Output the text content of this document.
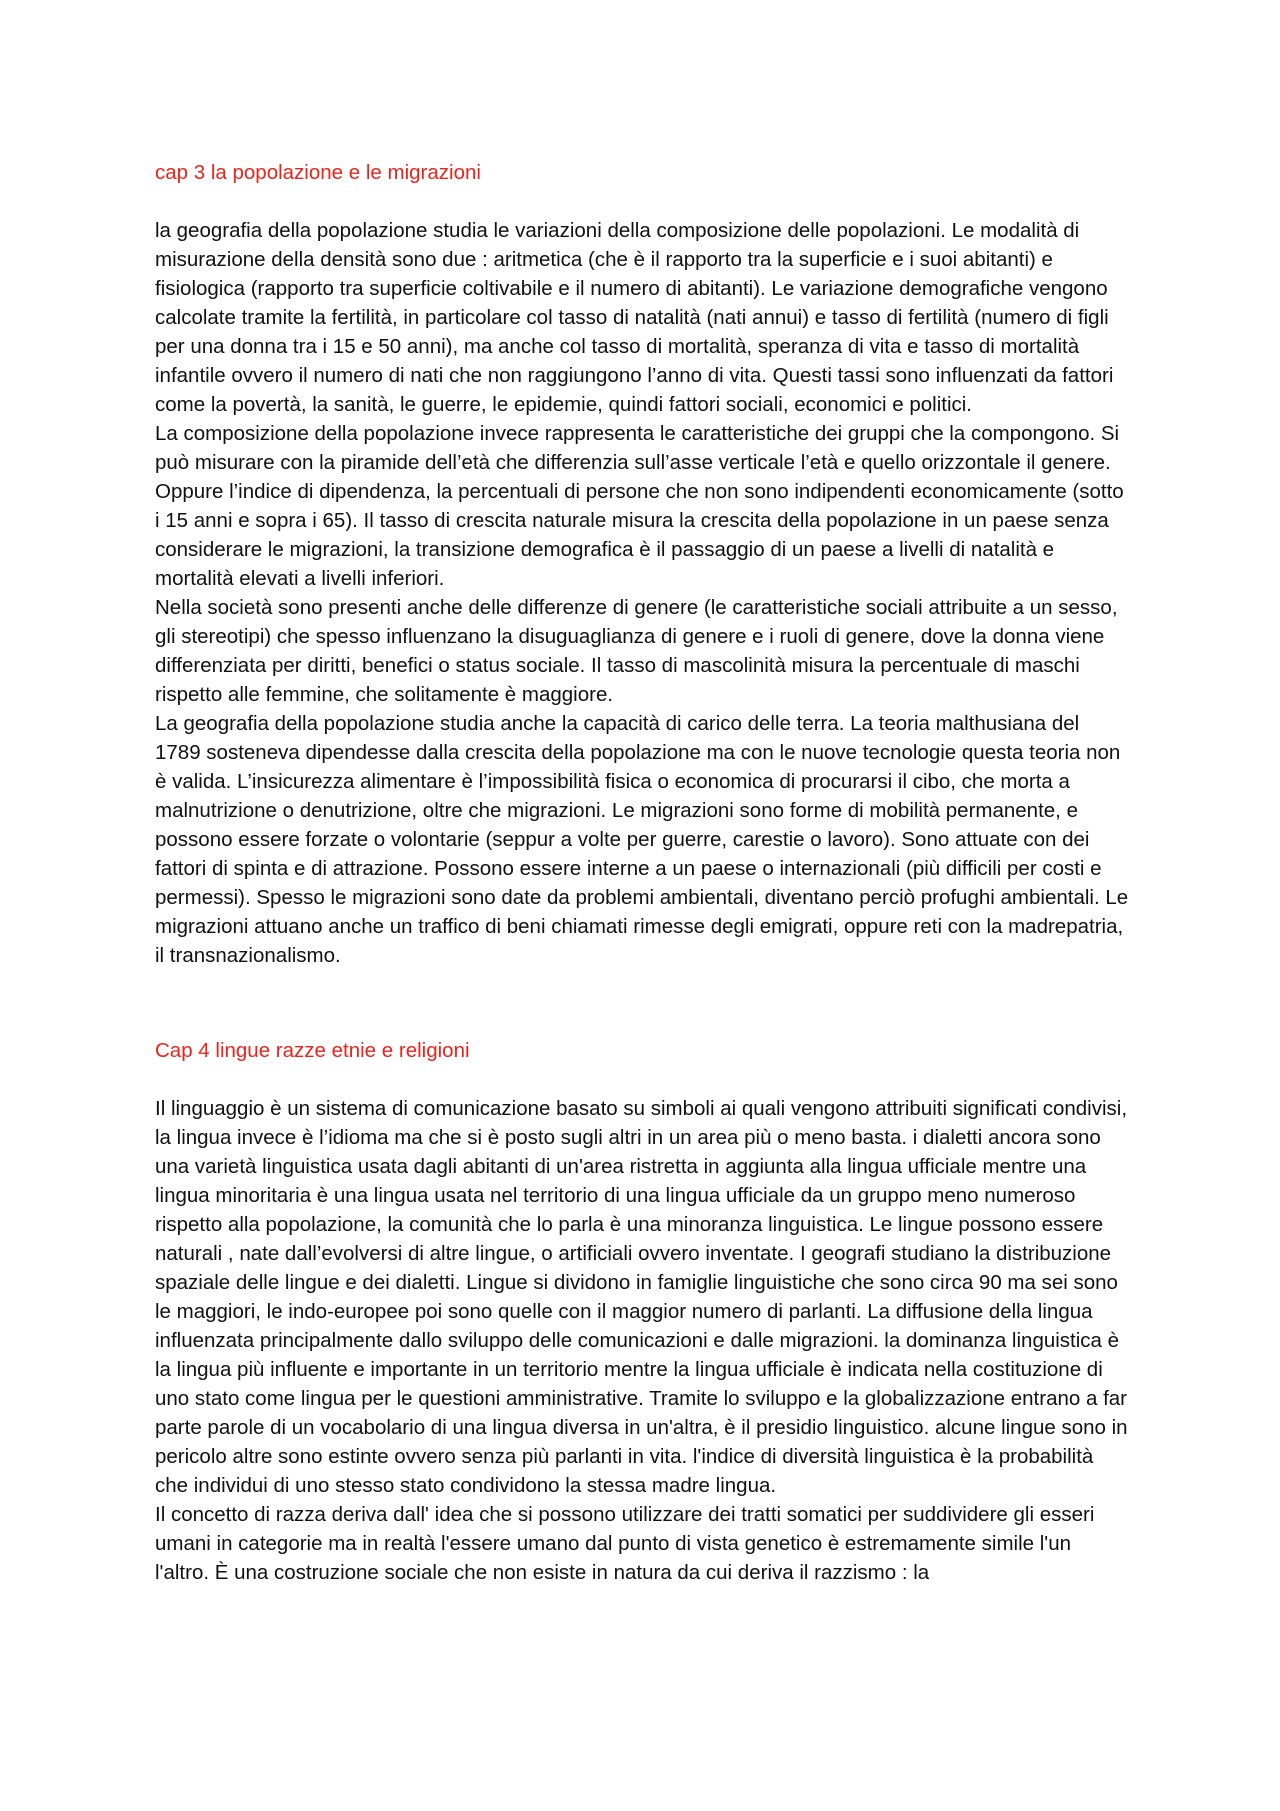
cap 3 la popolazione e le migrazioni

la geografia della popolazione studia le variazioni della composizione delle popolazioni. Le modalità di misurazione della densità sono due : aritmetica (che è il rapporto tra la superficie e i suoi abitanti) e fisiologica (rapporto tra superficie coltivabile e il numero di abitanti). Le variazione demografiche vengono calcolate tramite la fertilità, in particolare col tasso di natalità (nati annui) e tasso di fertilità (numero di figli per una donna tra i 15 e 50 anni), ma anche col tasso di mortalità, speranza di vita e tasso di mortalità infantile ovvero il numero di nati che non raggiungono l’anno di vita. Questi tassi sono influenzati da fattori come la povertà, la sanità, le guerre, le epidemie, quindi fattori sociali, economici e politici.

La composizione della popolazione invece rappresenta le caratteristiche dei gruppi che la compongono. Si può misurare con la piramide dell’età che differenzia sull’asse verticale l’età e quello orizzontale il genere. Oppure l’indice di dipendenza, la percentuali di persone che non sono indipendenti economicamente (sotto i 15 anni e sopra i 65). Il tasso di crescita naturale misura la crescita della popolazione in un paese senza considerare le migrazioni, la transizione demografica è il passaggio di un paese a livelli di natalità e mortalità elevati a livelli inferiori.

Nella società sono presenti anche delle differenze di genere (le caratteristiche sociali attribuite a un sesso, gli stereotipi) che spesso influenzano la disuguaglianza di genere e i ruoli di genere, dove la donna viene differenziata per diritti, benefici o status sociale. Il tasso di mascolinità misura la percentuale di maschi rispetto alle femmine, che solitamente è maggiore.

La geografia della popolazione studia anche la capacità di carico delle terra. La teoria malthusiana del 1789 sosteneva dipendesse dalla crescita della popolazione ma con le nuove tecnologie questa teoria non è valida. L’insicurezza alimentare è l’impossibilità fisica o economica di procurarsi il cibo, che morta a malnutrizione o denutrizione, oltre che migrazioni. Le migrazioni sono forme di mobilità permanente, e possono essere forzate o volontarie (seppur a volte per guerre, carestie o lavoro). Sono attuate con dei fattori di spinta e di attrazione. Possono essere interne a un paese o internazionali (più difficili per costi e permessi). Spesso le migrazioni sono date da problemi ambientali, diventano perciò profughi ambientali. Le migrazioni attuano anche un traffico di beni chiamati rimesse degli emigrati, oppure reti con la madrepatria, il transnazionalismo.

Cap 4 lingue razze etnie e religioni

Il linguaggio è un sistema di comunicazione basato su simboli ai quali vengono attribuiti significati condivisi, la lingua invece è l’idioma ma che si è posto sugli altri in un area più o meno basta. i dialetti ancora sono una varietà linguistica usata dagli abitanti di un'area ristretta in aggiunta alla lingua ufficiale mentre una lingua minoritaria è una lingua usata nel territorio di una lingua ufficiale da un gruppo meno numeroso rispetto alla popolazione, la comunità che lo parla è una minoranza linguistica. Le lingue possono essere naturali , nate dall’evolversi di altre lingue, o artificiali ovvero inventate. I geografi studiano la distribuzione spaziale delle lingue e dei dialetti. Lingue si dividono in famiglie linguistiche che sono circa 90 ma sei sono le maggiori, le indo-europee poi sono quelle con il maggior numero di parlanti. La diffusione della lingua influenzata principalmente dallo sviluppo delle comunicazioni e dalle migrazioni. la dominanza linguistica è la lingua più influente e importante in un territorio mentre la lingua ufficiale è indicata nella costituzione di uno stato come lingua per le questioni amministrative. Tramite lo sviluppo e la globalizzazione entrano a far parte parole di un vocabolario di una lingua diversa in un'altra, è il presidio linguistico. alcune lingue sono in pericolo altre sono estinte ovvero senza più parlanti in vita. l'indice di diversità linguistica è la probabilità che individui di uno stesso stato condividono la stessa madre lingua.

Il concetto di razza deriva dall' idea che si possono utilizzare dei tratti somatici per suddividere gli esseri umani in categorie ma in realtà l'essere umano dal punto di vista genetico è estremamente simile l'un l'altro. È una costruzione sociale che non esiste in natura da cui deriva il razzismo : la
